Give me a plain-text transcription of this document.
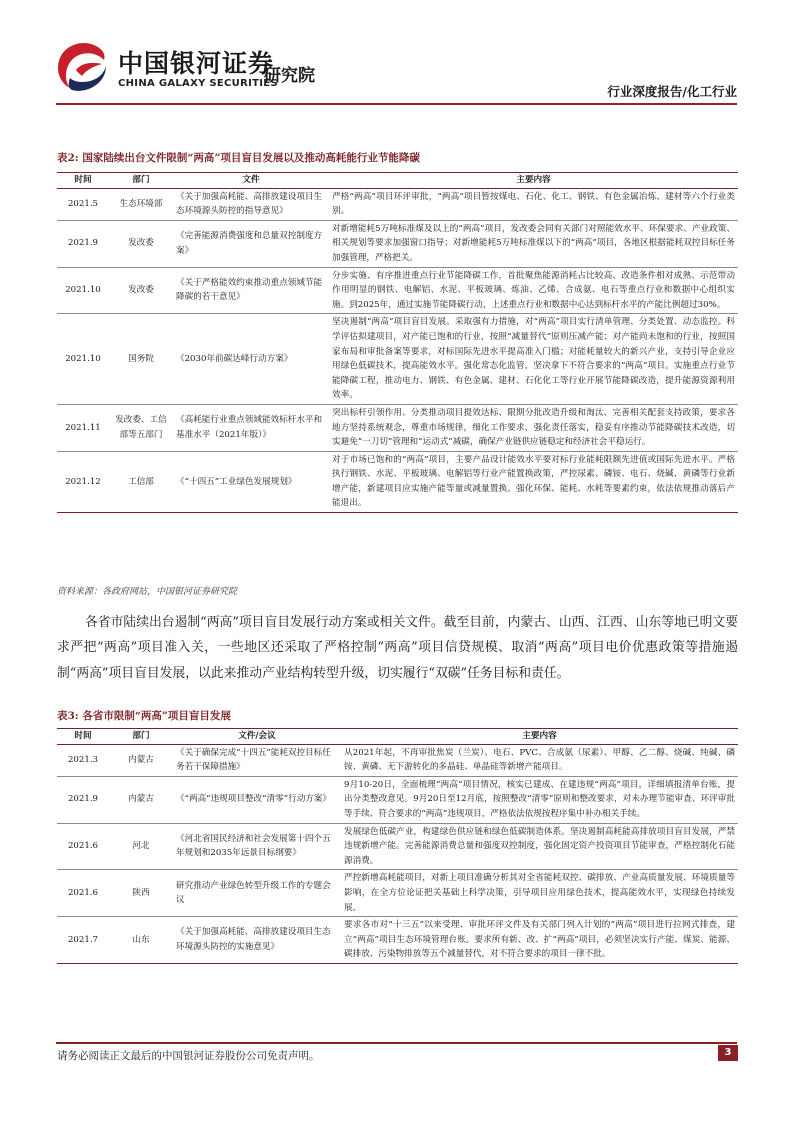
中国银河证券
CHINA GALAXY SECURITIES
研究院
行业深度报告/化工行业
表2: 国家陆续出台文件限制“两高”项目盲目发展以及推动高耗能行业节能降碳
时间	部门	文件	主要内容
2021.5	生态环境部	《关于加强高耗能、高排放建设项目生态环境源头防控的指导意见》	严格“两高”项目环评审批，“两高”项目暂按煤电、石化、化工、钢铁、有色金属冶炼、建材等六个行业类别。
2021.9	发改委	《完善能源消费强度和总量双控制度方案》	对新增能耗5万吨标准煤及以上的“两高”项目，发改委会同有关部门对照能效水平、环保要求、产业政策、相关规划等要求加强窗口指导；对新增能耗5万吨标准煤以下的“两高”项目，各地区根据能耗双控目标任务加强管理，严格把关。
2021.10	发改委	《关于严格能效约束推动重点领域节能降碳的若干意见》	分步实施、有序推进重点行业节能降碳工作，首批聚焦能源消耗占比较高、改造条件相对成熟、示范带动作用明显的钢铁、电解铝、水泥、平板玻璃、炼油、乙烯、合成氨、电石等重点行业和数据中心组织实施。到2025年，通过实施节能降碳行动，上述重点行业和数据中心达到标杆水平的产能比例超过30%。
2021.10	国务院	《2030年前碳达峰行动方案》	坚决遏制“两高”项目盲目发展。采取强有力措施，对“两高”项目实行清单管理、分类处置、动态监控。科学评估拟建项目，对产能已饱和的行业，按照“减量替代”原则压减产能；对产能尚未饱和的行业，按照国家布局和审批备案等要求，对标国际先进水平提高准入门槛；对能耗量较大的新兴产业，支持引导企业应用绿色低碳技术，提高能效水平。强化常态化监管，坚决拿下不符合要求的“两高”项目。实施重点行业节能降碳工程，推动电力、钢铁、有色金属、建材、石化化工等行业开展节能降碳改造，提升能源资源利用效率。
2021.11	发改委、工信部等五部门	《高耗能行业重点领域能效标杆水平和基准水平（2021年版）》	突出标杆引领作用、分类推动项目提效达标、限期分批改造升级和淘汰、完善相关配套支持政策，要求各地方坚持系统观念，尊重市场规律，细化工作要求，强化责任落实，稳妥有序推动节能降碳技术改造，切实避免“一刀切”管理和“运动式”减碳，确保产业链供应链稳定和经济社会平稳运行。
2021.12	工信部	《“十四五”工业绿色发展规划》	对于市场已饱和的“两高”项目，主要产品设计能效水平要对标行业能耗限额先进值或国际先进水平。严格执行钢铁、水泥、平板玻璃、电解铝等行业产能置换政策，严控尿素、磷铵、电石、烧碱、黄磷等行业新增产能，新建项目应实施产能等量或减量置换。强化环保、能耗、水耗等要素约束，依法依规推动落后产能退出。
资料来源：各政府网站，中国银河证券研究院

各省市陆续出台遏制“两高”项目盲目发展行动方案或相关文件。截至目前，内蒙古、山西、江西、山东等地已明文要求严把“两高”项目准入关，一些地区还采取了严格控制“两高”项目信贷规模、取消“两高”项目电价优惠政策等措施遏制“两高”项目盲目发展，以此来推动产业结构转型升级，切实履行“双碳”任务目标和责任。

表3: 各省市限制“两高”项目盲目发展
时间	部门	文件/会议	主要内容
2021.3	内蒙古	《关于确保完成“十四五”能耗双控目标任务若干保障措施》	从2021年起，不再审批焦炭（兰炭）、电石、PVC、合成氨（尿素）、甲醇、乙二醇、烧碱、纯碱、磷铵、黄磷、无下游转化的多晶硅、单晶硅等新增产能项目。
2021.9	内蒙古	《“两高”违规项目整改“清零”行动方案》	9月10-20日，全面梳理“两高”项目情况，核实已建成、在建违规“两高”项目，详细填报清单台账，提出分类整改意见。9月20日至12月底，按照整改“清零”原则和整改要求，对未办理节能审查、环评审批等手续、符合要求的“两高”违规项目，严格依法依规按程序集中补办相关手续。
2021.6	河北	《河北省国民经济和社会发展第十四个五年规划和2035年远景目标纲要》	发展绿色低碳产业，构建绿色供应链和绿色低碳制造体系。坚决遏制高耗能高排放项目盲目发展，严禁违规新增产能。完善能源消费总量和强度双控制度，强化固定资产投资项目节能审查，严格控制化石能源消费。
2021.6	陕西	研究推动产业绿色转型升级工作的专题会议	严控新增高耗能项目，对新上项目准确分析其对全省能耗双控、碳排放、产业高质量发展、环境质量等影响，在全方位论证把关基础上科学决策，引导项目应用绿色技术，提高能效水平，实现绿色持续发展。
2021.7	山东	《关于加强高耗能、高排放建设项目生态环境源头防控的实施意见》	要求各市对“十三五”以来受理、审批环评文件及有关部门列入计划的“两高”项目进行拉网式排查，建立“两高”项目生态环境管理台账。要求所有新、改、扩“两高”项目，必须坚决实行产能、煤炭、能源、碳排放、污染物排放等五个减量替代，对不符合要求的项目一律不批。
请务必阅读正文最后的中国银河证券股份公司免责声明。	3
